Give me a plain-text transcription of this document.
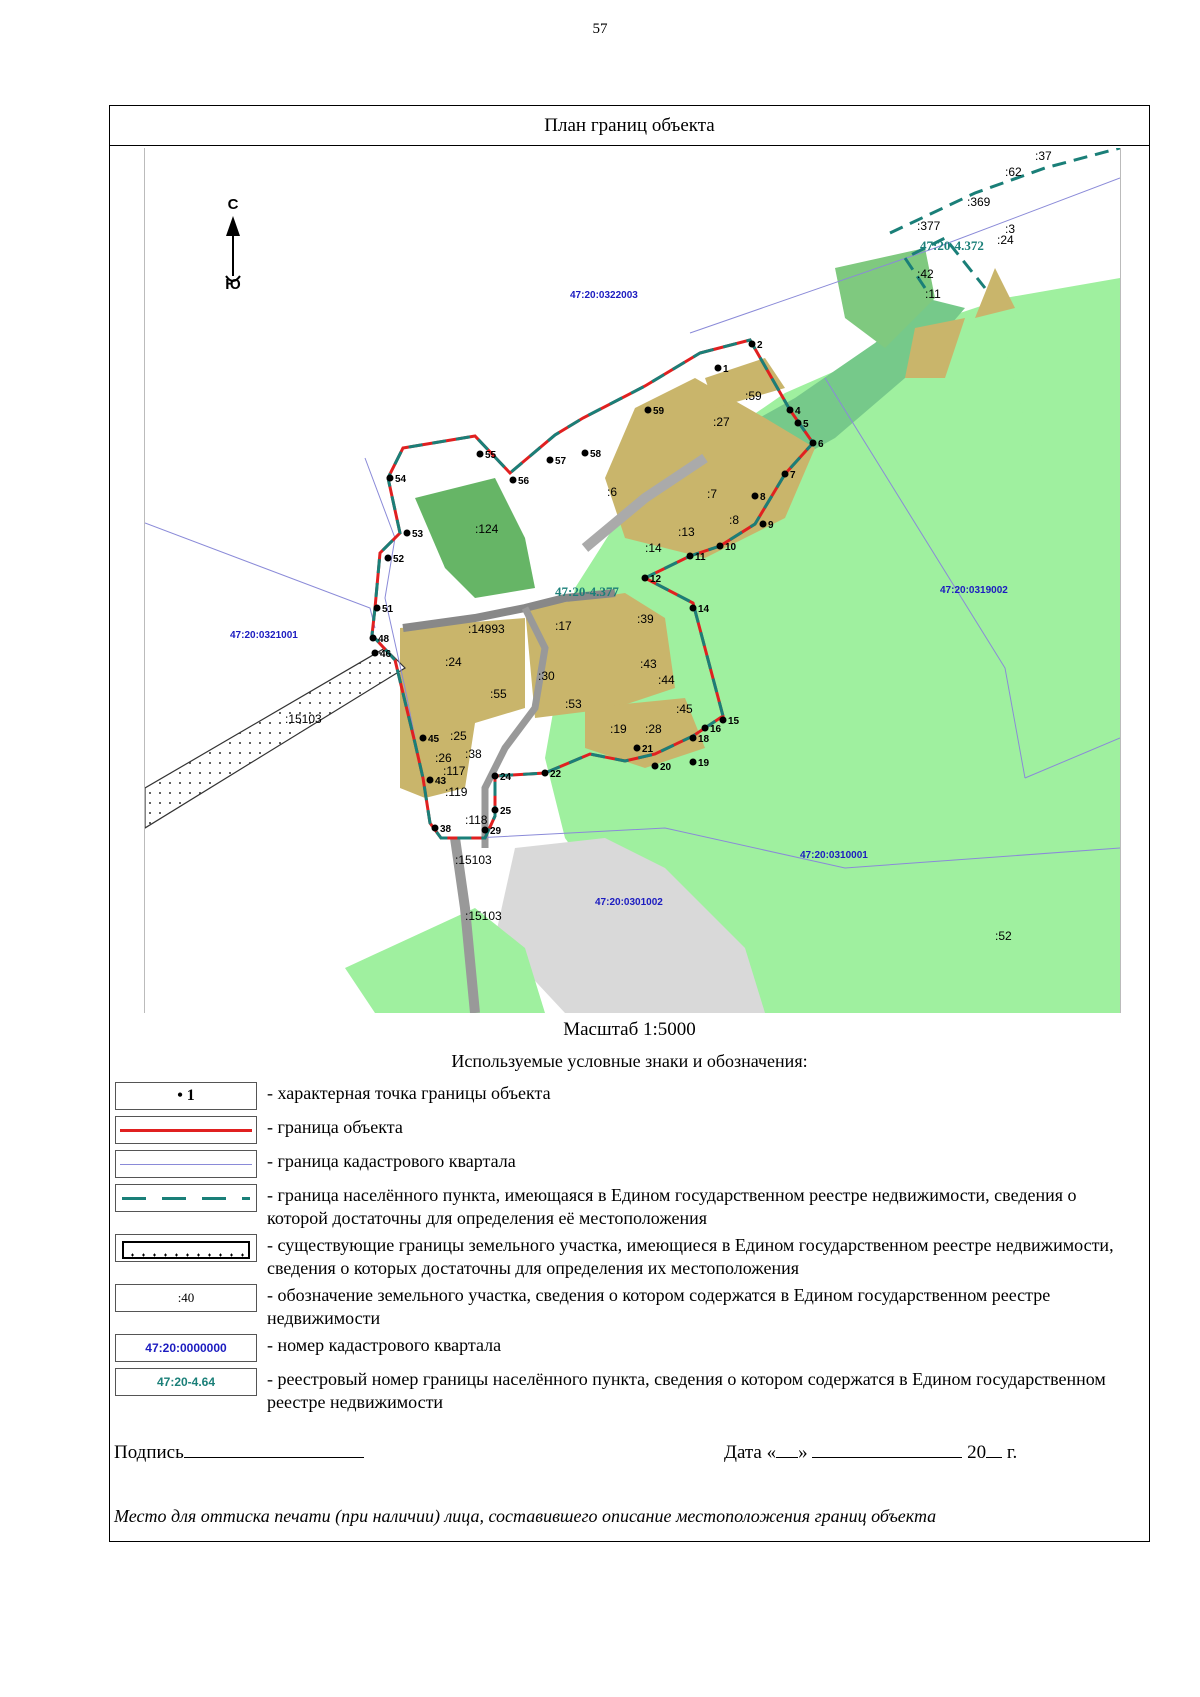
57
План границ объекта
47:20:0322003
47:20:0321001
47:20:0319002
47:20:0310001
47:20:0301002
47:20-4.377
47:20-4.372
:62
:37
:369
:377	:3
:24
:42
:11
:59
:27
:6	:7
:8
:13
:14
:124
:17	:39
:14993
:24
:30
:43
:44
:55
:53	:45
:19 :28
:15103
:25
:38
:26
:117
:119
:118
:15103
:15103
:52
1
2
4
5
6
7
8
9
10
11
12
14
15
16
18
19
20
21
22
24
25
29
38
43
45
46
48
51
52
53
54
55
56
57
58
59
С
Ю
Масштаб 1:5000
Используемые условные знаки и обозначения:
• 1	- характерная точка границы объекта
- граница объекта
- граница кадастрового квартала
- граница населённого пункта, имеющаяся в Едином государственном реестре недвижимости, сведения о которой достаточны для определения её местоположения
- существующие границы земельного участка, имеющиеся в Едином государственном реестре недвижимости, сведения о которых достаточны для определения их местоположения
:40	- обозначение земельного участка, сведения о котором содержатся в Едином государственном реестре недвижимости
47:20:0000000	- номер кадастрового квартала
47:20-4.64	- реестровый номер границы населённого пункта, сведения о котором содержатся в Едином государственном реестре недвижимости
Подпись	Дата « »	20 г.
Место для оттиска печати (при наличии) лица, составившего описание местоположения границ объекта
